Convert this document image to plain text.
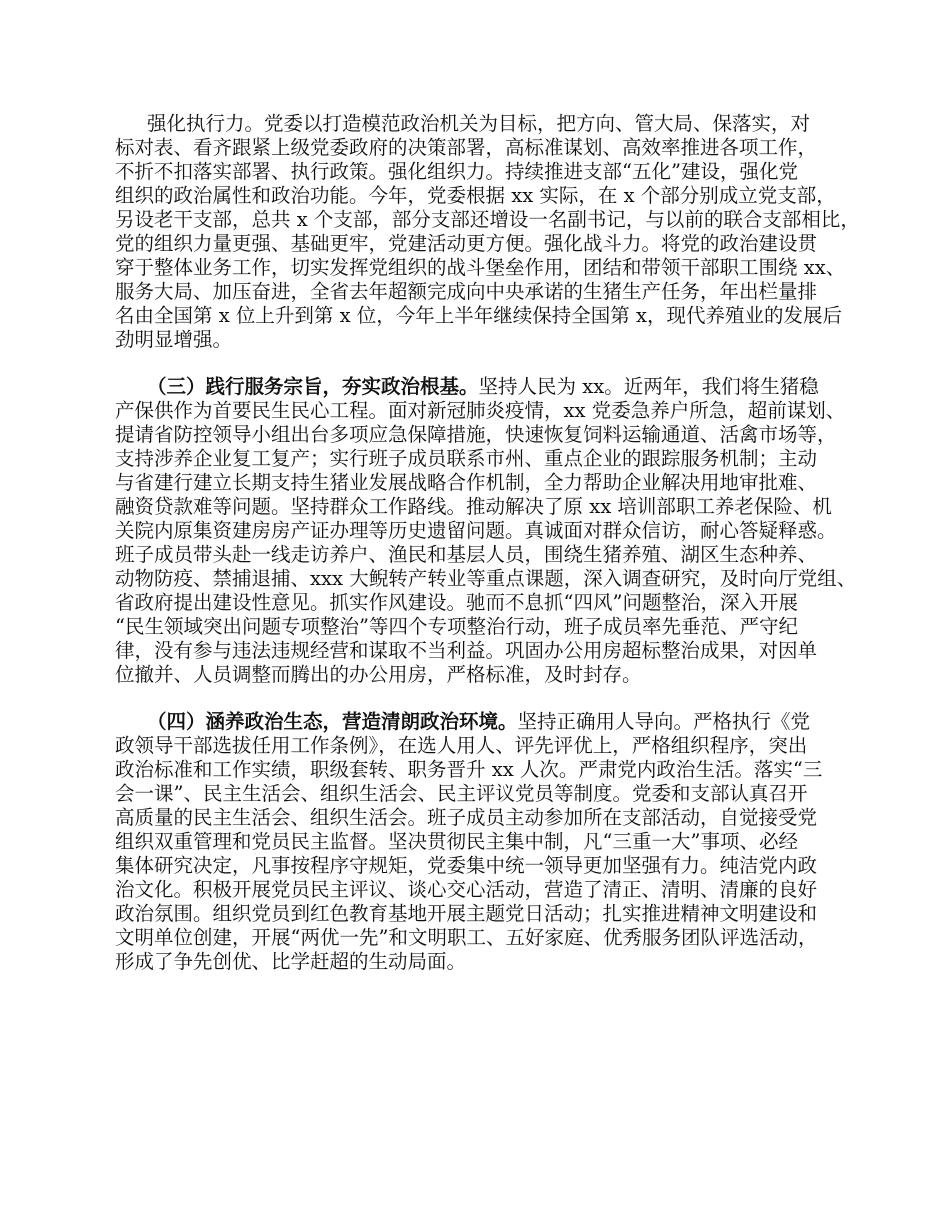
强化执行力。党委以打造模范政治机关为目标，把方向、管大局、保落实，对
标对表、看齐跟紧上级党委政府的决策部署，高标准谋划、高效率推进各项工作，
不折不扣落实部署、执行政策。强化组织力。持续推进支部“五化”建设，强化党
组织的政治属性和政治功能。今年，党委根据 xx 实际，在 x 个部分别成立党支部，
另设老干支部，总共 x 个支部，部分支部还增设一名副书记，与以前的联合支部相比，
党的组织力量更强、基础更牢，党建活动更方便。强化战斗力。将党的政治建设贯
穿于整体业务工作，切实发挥党组织的战斗堡垒作用，团结和带领干部职工围绕 xx、
服务大局、加压奋进，全省去年超额完成向中央承诺的生猪生产任务，年出栏量排
名由全国第 x 位上升到第 x 位，今年上半年继续保持全国第 x，现代养殖业的发展后
劲明显增强。
（三）践行服务宗旨，夯实政治根基。坚持人民为 xx。近两年，我们将生猪稳
产保供作为首要民生民心工程。面对新冠肺炎疫情，xx 党委急养户所急，超前谋划、
提请省防控领导小组出台多项应急保障措施，快速恢复饲料运输通道、活禽市场等，
支持涉养企业复工复产；实行班子成员联系市州、重点企业的跟踪服务机制；主动
与省建行建立长期支持生猪业发展战略合作机制，全力帮助企业解决用地审批难、
融资贷款难等问题。坚持群众工作路线。推动解决了原 xx 培训部职工养老保险、机
关院内原集资建房房产证办理等历史遗留问题。真诚面对群众信访，耐心答疑释惑。
班子成员带头赴一线走访养户、渔民和基层人员，围绕生猪养殖、湖区生态种养、
动物防疫、禁捕退捕、xxx 大鲵转产转业等重点课题，深入调查研究，及时向厅党组、
省政府提出建设性意见。抓实作风建设。驰而不息抓“四风”问题整治，深入开展
“民生领域突出问题专项整治”等四个专项整治行动，班子成员率先垂范、严守纪
律，没有参与违法违规经营和谋取不当利益。巩固办公用房超标整治成果，对因单
位撤并、人员调整而腾出的办公用房，严格标准，及时封存。
（四）涵养政治生态，营造清朗政治环境。坚持正确用人导向。严格执行《党
政领导干部选拔任用工作条例》，在选人用人、评先评优上，严格组织程序，突出
政治标准和工作实绩，职级套转、职务晋升 xx 人次。严肃党内政治生活。落实“三
会一课”、民主生活会、组织生活会、民主评议党员等制度。党委和支部认真召开
高质量的民主生活会、组织生活会。班子成员主动参加所在支部活动，自觉接受党
组织双重管理和党员民主监督。坚决贯彻民主集中制，凡“三重一大”事项、必经
集体研究决定，凡事按程序守规矩，党委集中统一领导更加坚强有力。纯洁党内政
治文化。积极开展党员民主评议、谈心交心活动，营造了清正、清明、清廉的良好
政治氛围。组织党员到红色教育基地开展主题党日活动；扎实推进精神文明建设和
文明单位创建，开展“两优一先”和文明职工、五好家庭、优秀服务团队评选活动，
形成了争先创优、比学赶超的生动局面。
